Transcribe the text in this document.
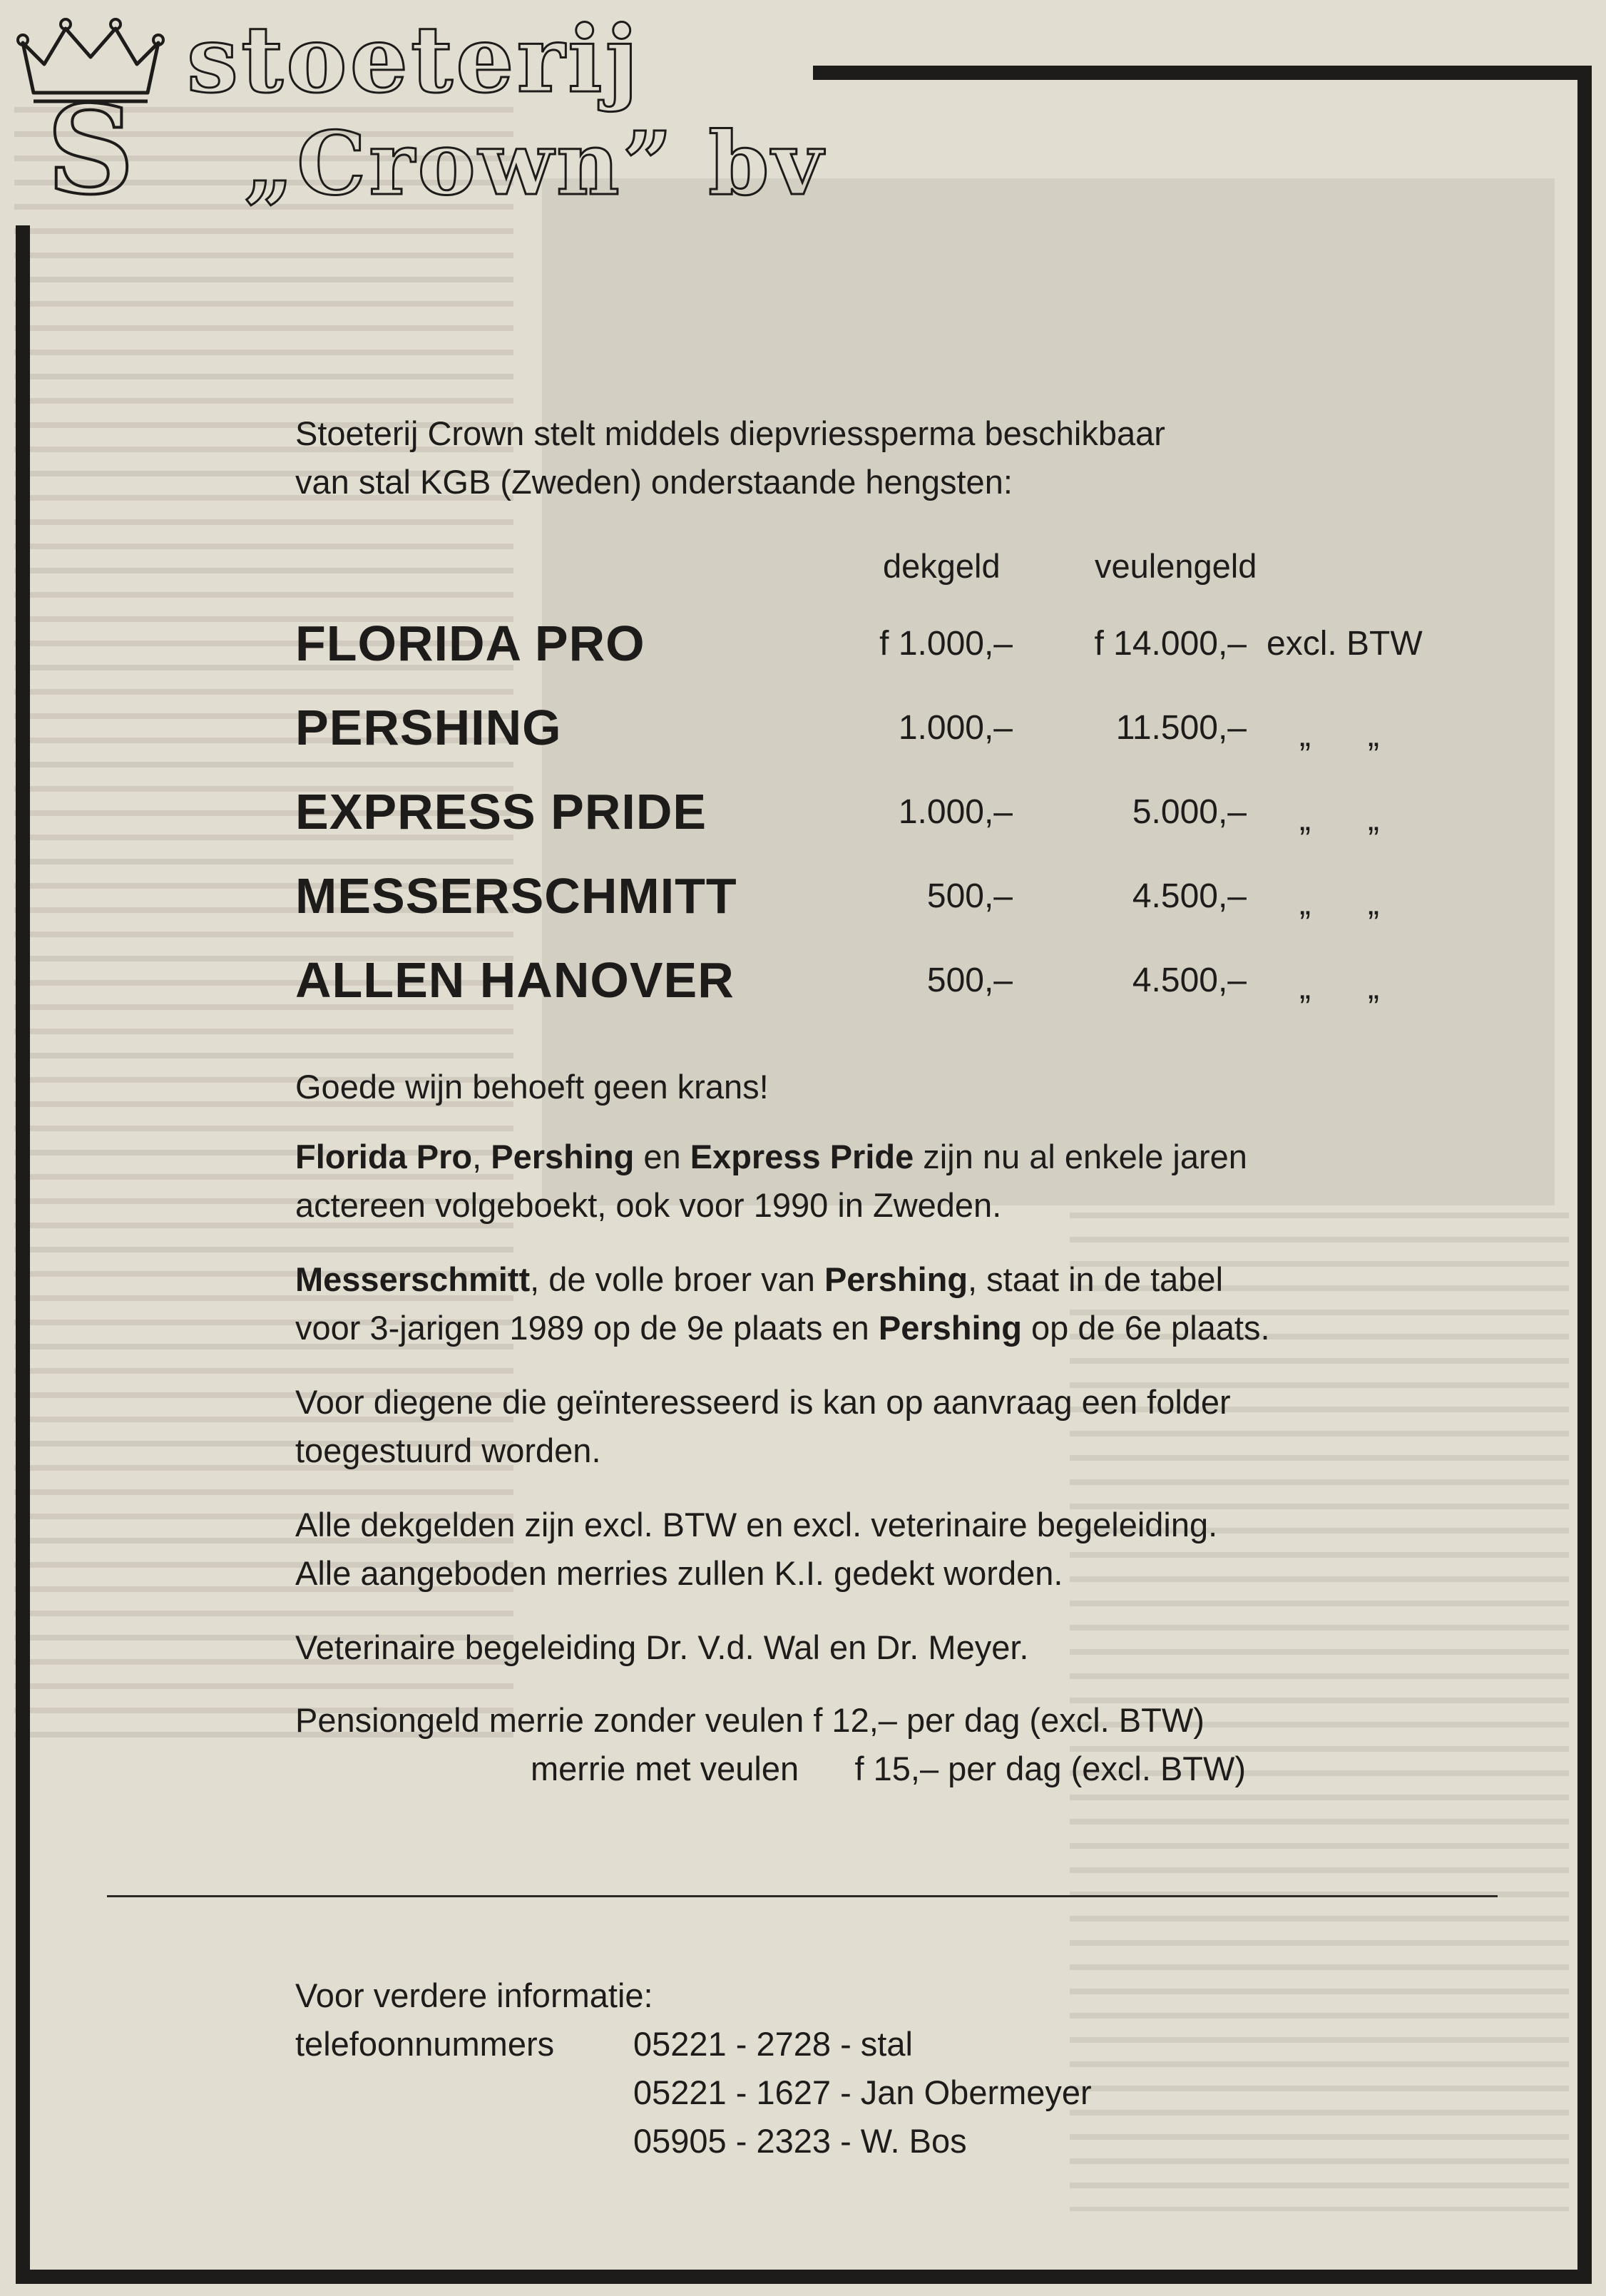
S
stoeterij
„Crown” bv
Stoeterij Crown stelt middels diepvriessperma beschikbaar
van stal KGB (Zweden) onderstaande hengsten:
dekgeld	veulengeld
FLORIDA PRO	f 1.000,–	f 14.000,– excl. BTW
PERSHING	1.000,–	11.500,– „      „
EXPRESS PRIDE	1.000,–	5.000,– „      „
MESSERSCHMITT	500,–	4.500,– „      „
ALLEN HANOVER	500,–	4.500,– „      „
Goede wijn behoeft geen krans!
Florida Pro, Pershing en Express Pride zijn nu al enkele jaren
actereen volgeboekt, ook voor 1990 in Zweden.
Messerschmitt, de volle broer van Pershing, staat in de tabel
voor 3-jarigen 1989 op de 9e plaats en Pershing op de 6e plaats.
Voor diegene die geïnteresseerd is kan op aanvraag een folder
toegestuurd worden.
Alle dekgelden zijn excl. BTW en excl. veterinaire begeleiding.
Alle aangeboden merries zullen K.I. gedekt worden.
Veterinaire begeleiding Dr. V.d. Wal en Dr. Meyer.
Pensiongeld merrie zonder veulen f 12,– per dag (excl. BTW)
merrie met veulen      f 15,– per dag (excl. BTW)
Voor verdere informatie:
telefoonnummers 05221 - 2728 - stal
05221 - 1627 - Jan Obermeyer
05905 - 2323 - W. Bos
